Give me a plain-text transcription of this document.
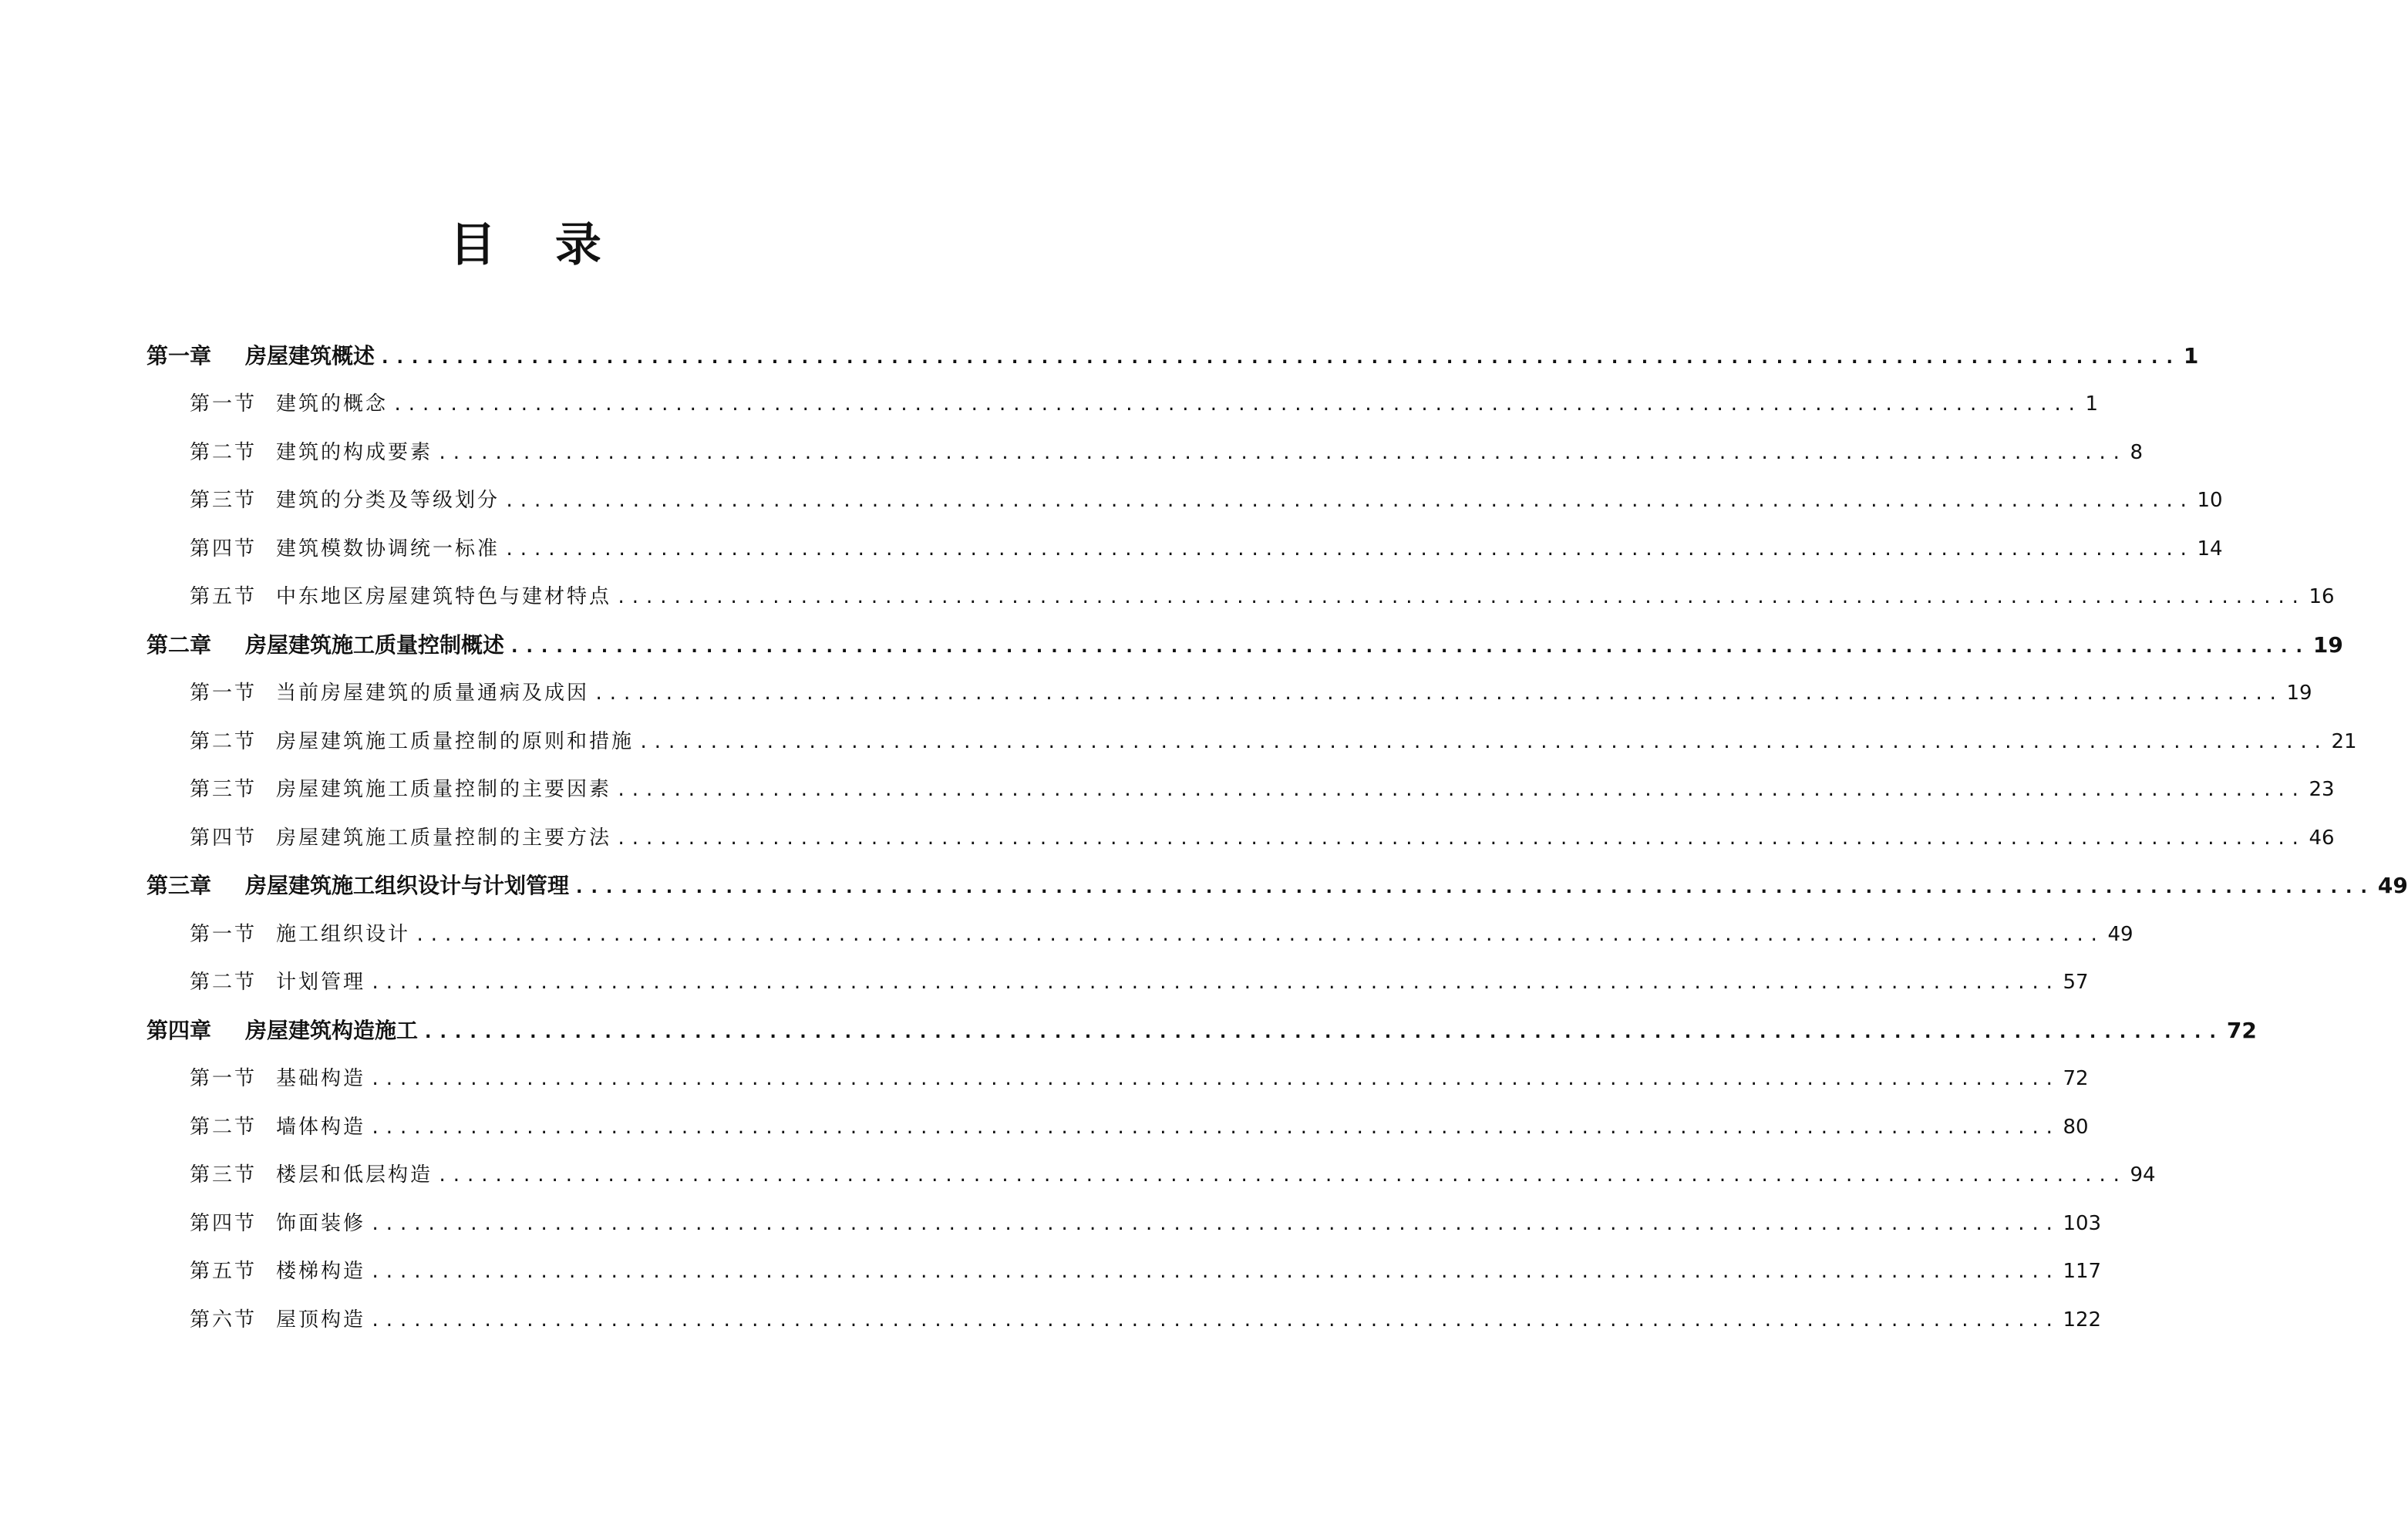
目 录
第一章	房屋建筑概述 ........................................................................................................................ 1
第一节 建筑的概念 ........................................................................................................................ 1
第二节 建筑的构成要素 ........................................................................................................................ 8
第三节 建筑的分类及等级划分 ........................................................................................................................ 10
第四节 建筑模数协调统一标准 ........................................................................................................................ 14
第五节 中东地区房屋建筑特色与建材特点 ........................................................................................................................ 16
第二章	房屋建筑施工质量控制概述 ........................................................................................................................ 19
第一节 当前房屋建筑的质量通病及成因 ........................................................................................................................ 19
第二节 房屋建筑施工质量控制的原则和措施 ........................................................................................................................ 21
第三节 房屋建筑施工质量控制的主要因素 ........................................................................................................................ 23
第四节 房屋建筑施工质量控制的主要方法 ........................................................................................................................ 46
第三章	房屋建筑施工组织设计与计划管理 ........................................................................................................................ 49
第一节 施工组织设计 ........................................................................................................................ 49
第二节 计划管理 ........................................................................................................................ 57
第四章	房屋建筑构造施工 ........................................................................................................................ 72
第一节 基础构造 ........................................................................................................................ 72
第二节 墙体构造 ........................................................................................................................ 80
第三节 楼层和低层构造 ........................................................................................................................ 94
第四节 饰面装修 ........................................................................................................................ 103
第五节 楼梯构造 ........................................................................................................................ 117
第六节 屋顶构造 ........................................................................................................................ 122
